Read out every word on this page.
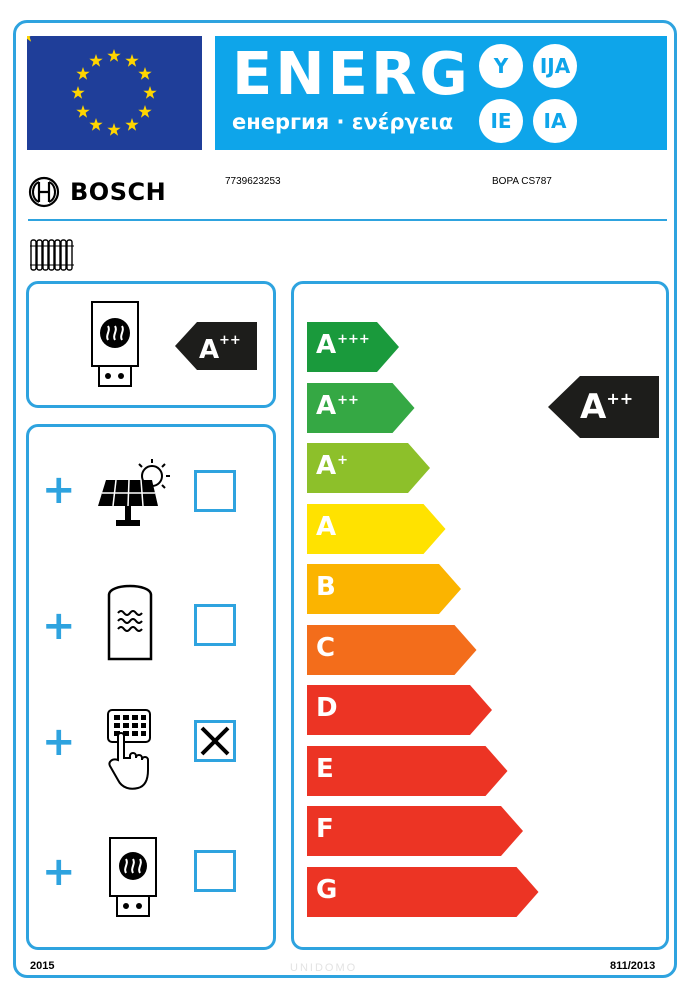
ENERG
енергия · ενέργεια
Y	IJA
IE	IA
BOSCH	7739623253	BOPA CS787
A ++
+
+
+
+
A+++
A++
A+
A
B
C
D
E
F
G
A++
2015	UNIDOMO	811/2013
